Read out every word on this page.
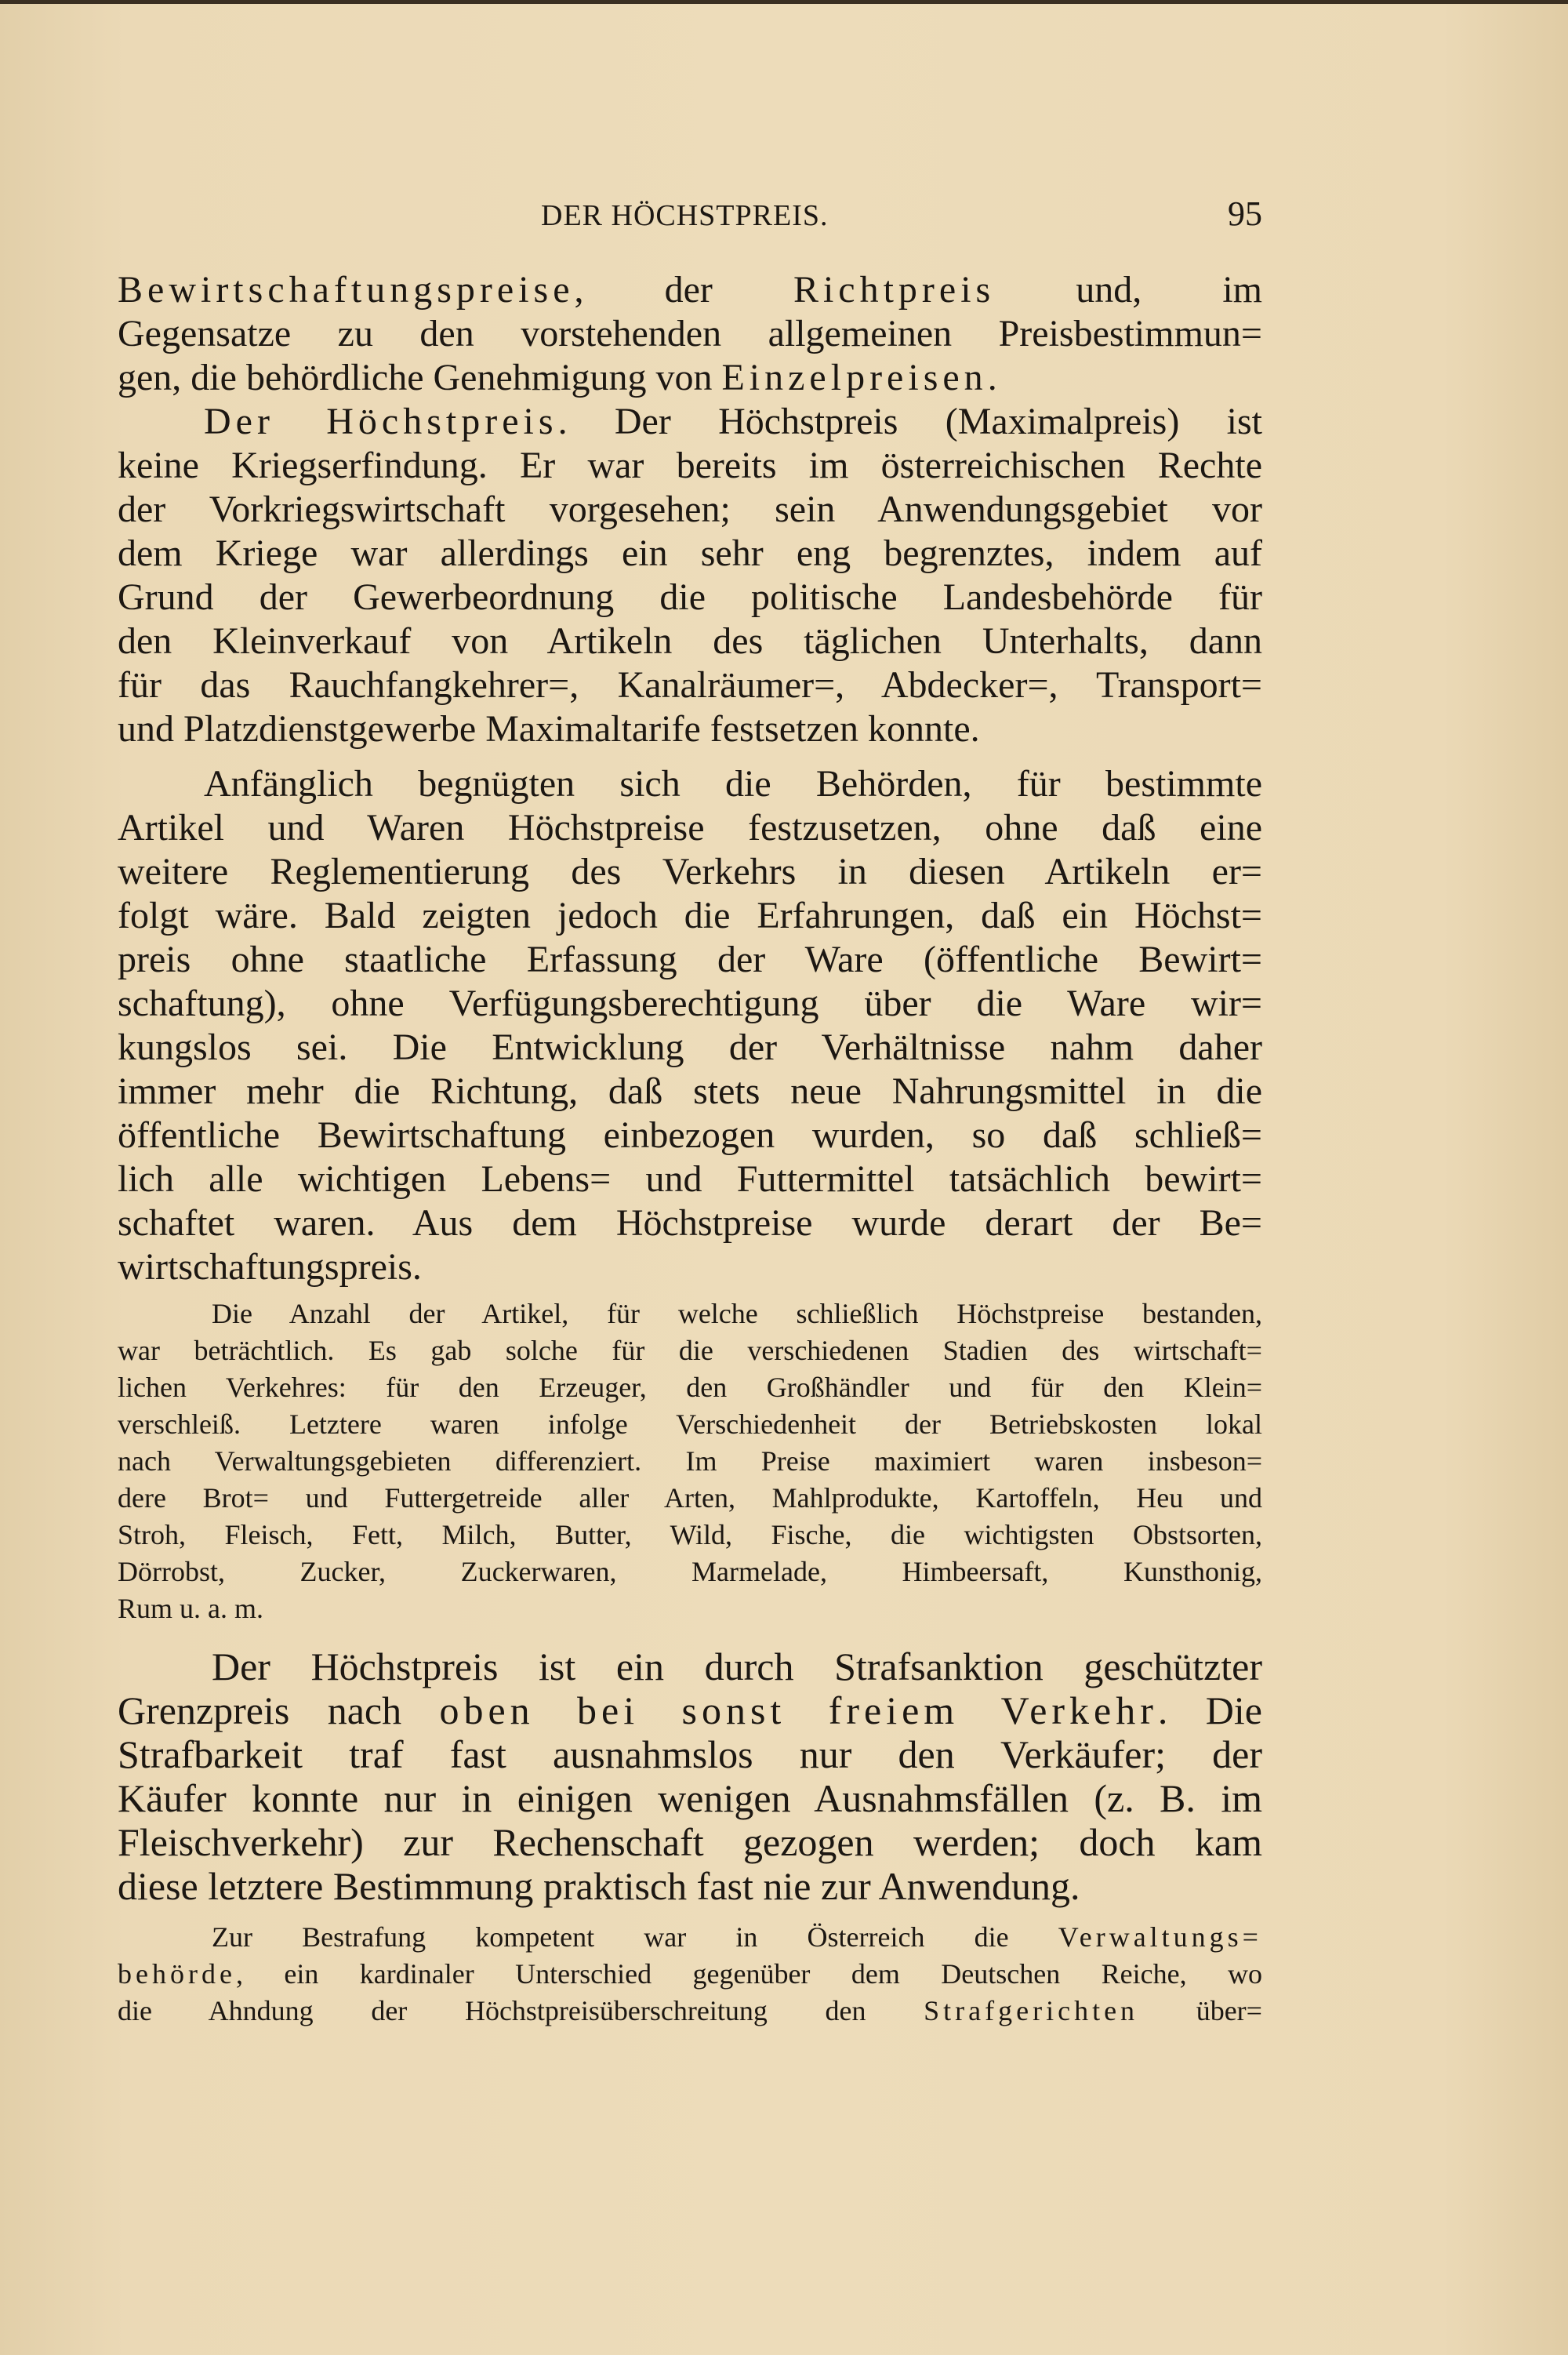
DER HÖCHSTPREIS.	95
Bewirtschaftungspreise, der Richtpreis und, im
Gegensatze zu den vorstehenden allgemeinen Preisbestimmun=
gen, die behördliche Genehmigung von Einzelpreisen.
Der Höchstpreis. Der Höchstpreis (Maximalpreis) ist
keine Kriegserfindung. Er war bereits im österreichischen Rechte
der Vorkriegswirtschaft vorgesehen; sein Anwendungsgebiet vor
dem Kriege war allerdings ein sehr eng begrenztes, indem auf
Grund der Gewerbeordnung die politische Landesbehörde für
den Kleinverkauf von Artikeln des täglichen Unterhalts, dann
für das Rauchfangkehrer=, Kanalräumer=, Abdecker=, Transport=
und Platzdienstgewerbe Maximaltarife festsetzen konnte.
Anfänglich begnügten sich die Behörden, für bestimmte
Artikel und Waren Höchstpreise festzusetzen, ohne daß eine
weitere Reglementierung des Verkehrs in diesen Artikeln er=
folgt wäre. Bald zeigten jedoch die Erfahrungen, daß ein Höchst=
preis ohne staatliche Erfassung der Ware (öffentliche Bewirt=
schaftung), ohne Verfügungsberechtigung über die Ware wir=
kungslos sei. Die Entwicklung der Verhältnisse nahm daher
immer mehr die Richtung, daß stets neue Nahrungsmittel in die
öffentliche Bewirtschaftung einbezogen wurden, so daß schließ=
lich alle wichtigen Lebens= und Futtermittel tatsächlich bewirt=
schaftet waren. Aus dem Höchstpreise wurde derart der Be=
wirtschaftungspreis.
Die Anzahl der Artikel, für welche schließlich Höchstpreise bestanden,
war beträchtlich. Es gab solche für die verschiedenen Stadien des wirtschaft=
lichen Verkehres: für den Erzeuger, den Großhändler und für den Klein=
verschleiß. Letztere waren infolge Verschiedenheit der Betriebskosten lokal
nach Verwaltungsgebieten differenziert. Im Preise maximiert waren insbeson=
dere Brot= und Futtergetreide aller Arten, Mahlprodukte, Kartoffeln, Heu und
Stroh, Fleisch, Fett, Milch, Butter, Wild, Fische, die wichtigsten Obstsorten,
Dörrobst, Zucker, Zuckerwaren, Marmelade, Himbeersaft, Kunsthonig,
Rum u. a. m.
Der Höchstpreis ist ein durch Strafsanktion geschützter
Grenzpreis nach oben bei sonst freiem Verkehr. Die
Strafbarkeit traf fast ausnahmslos nur den Verkäufer; der
Käufer konnte nur in einigen wenigen Ausnahmsfällen (z. B. im
Fleischverkehr) zur Rechenschaft gezogen werden; doch kam
diese letztere Bestimmung praktisch fast nie zur Anwendung.
Zur Bestrafung kompetent war in Österreich die Verwaltungs=
behörde, ein kardinaler Unterschied gegenüber dem Deutschen Reiche, wo
die Ahndung der Höchstpreisüberschreitung den Strafgerichten über=
